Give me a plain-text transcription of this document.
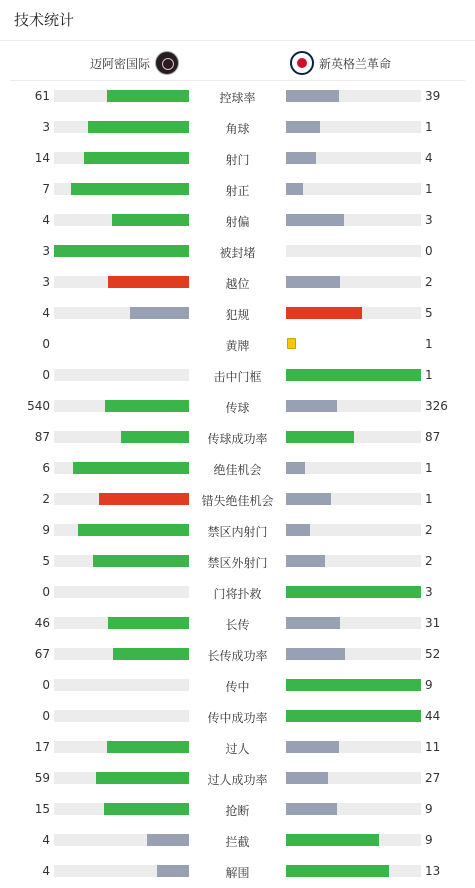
技术统计
迈阿密国际	新英格兰革命
61	控球率	39
3	角球	1
14	射门	4
7	射正	1
4	射偏	3
3	被封堵	0
3	越位	2
4	犯规	5
0	黄牌	1
0	击中门框	1
540	传球	326
87	传球成功率	87
6	绝佳机会	1
2	错失绝佳机会	1
9	禁区内射门	2
5	禁区外射门	2
0	门将扑救	3
46	长传	31
67	长传成功率	52
0	传中	9
0	传中成功率	44
17	过人	11
59	过人成功率	27
15	抢断	9
4	拦截	9
4	解围	13
